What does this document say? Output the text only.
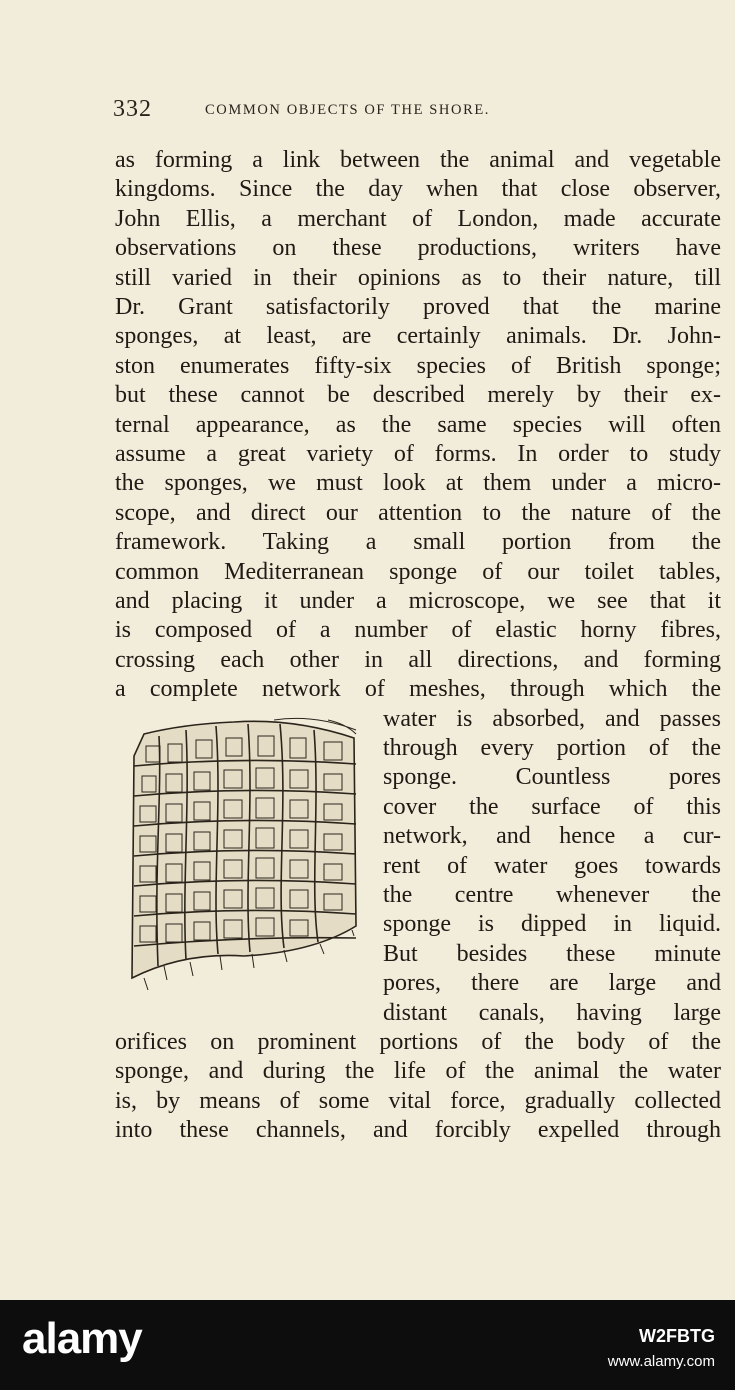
332	COMMON OBJECTS OF THE SHORE.
as forming a link between the animal and vegetable
kingdoms. Since the day when that close observer,
John Ellis, a merchant of London, made accurate
observations on these productions, writers have
still varied in their opinions as to their nature, till
Dr. Grant satisfactorily proved that the marine
sponges, at least, are certainly animals. Dr. John-
ston enumerates fifty-six species of British sponge;
but these cannot be described merely by their ex-
ternal appearance, as the same species will often
assume a great variety of forms. In order to study
the sponges, we must look at them under a micro-
scope, and direct our attention to the nature of the
framework. Taking a small portion from the
common Mediterranean sponge of our toilet tables,
and placing it under a microscope, we see that it
is composed of a number of elastic horny fibres,
crossing each other in all directions, and forming
a complete network of meshes, through which the
water is absorbed, and passes
through every portion of the
sponge. Countless pores
cover the surface of this
network, and hence a cur-
rent of water goes towards
the centre whenever the
sponge is dipped in liquid.
But besides these minute
pores, there are large and
distant canals, having large
orifices on prominent portions of the body of the
sponge, and during the life of the animal the water
is, by means of some vital force, gradually collected
into these channels, and forcibly expelled through
alamy	W2FBTG
www.alamy.com
